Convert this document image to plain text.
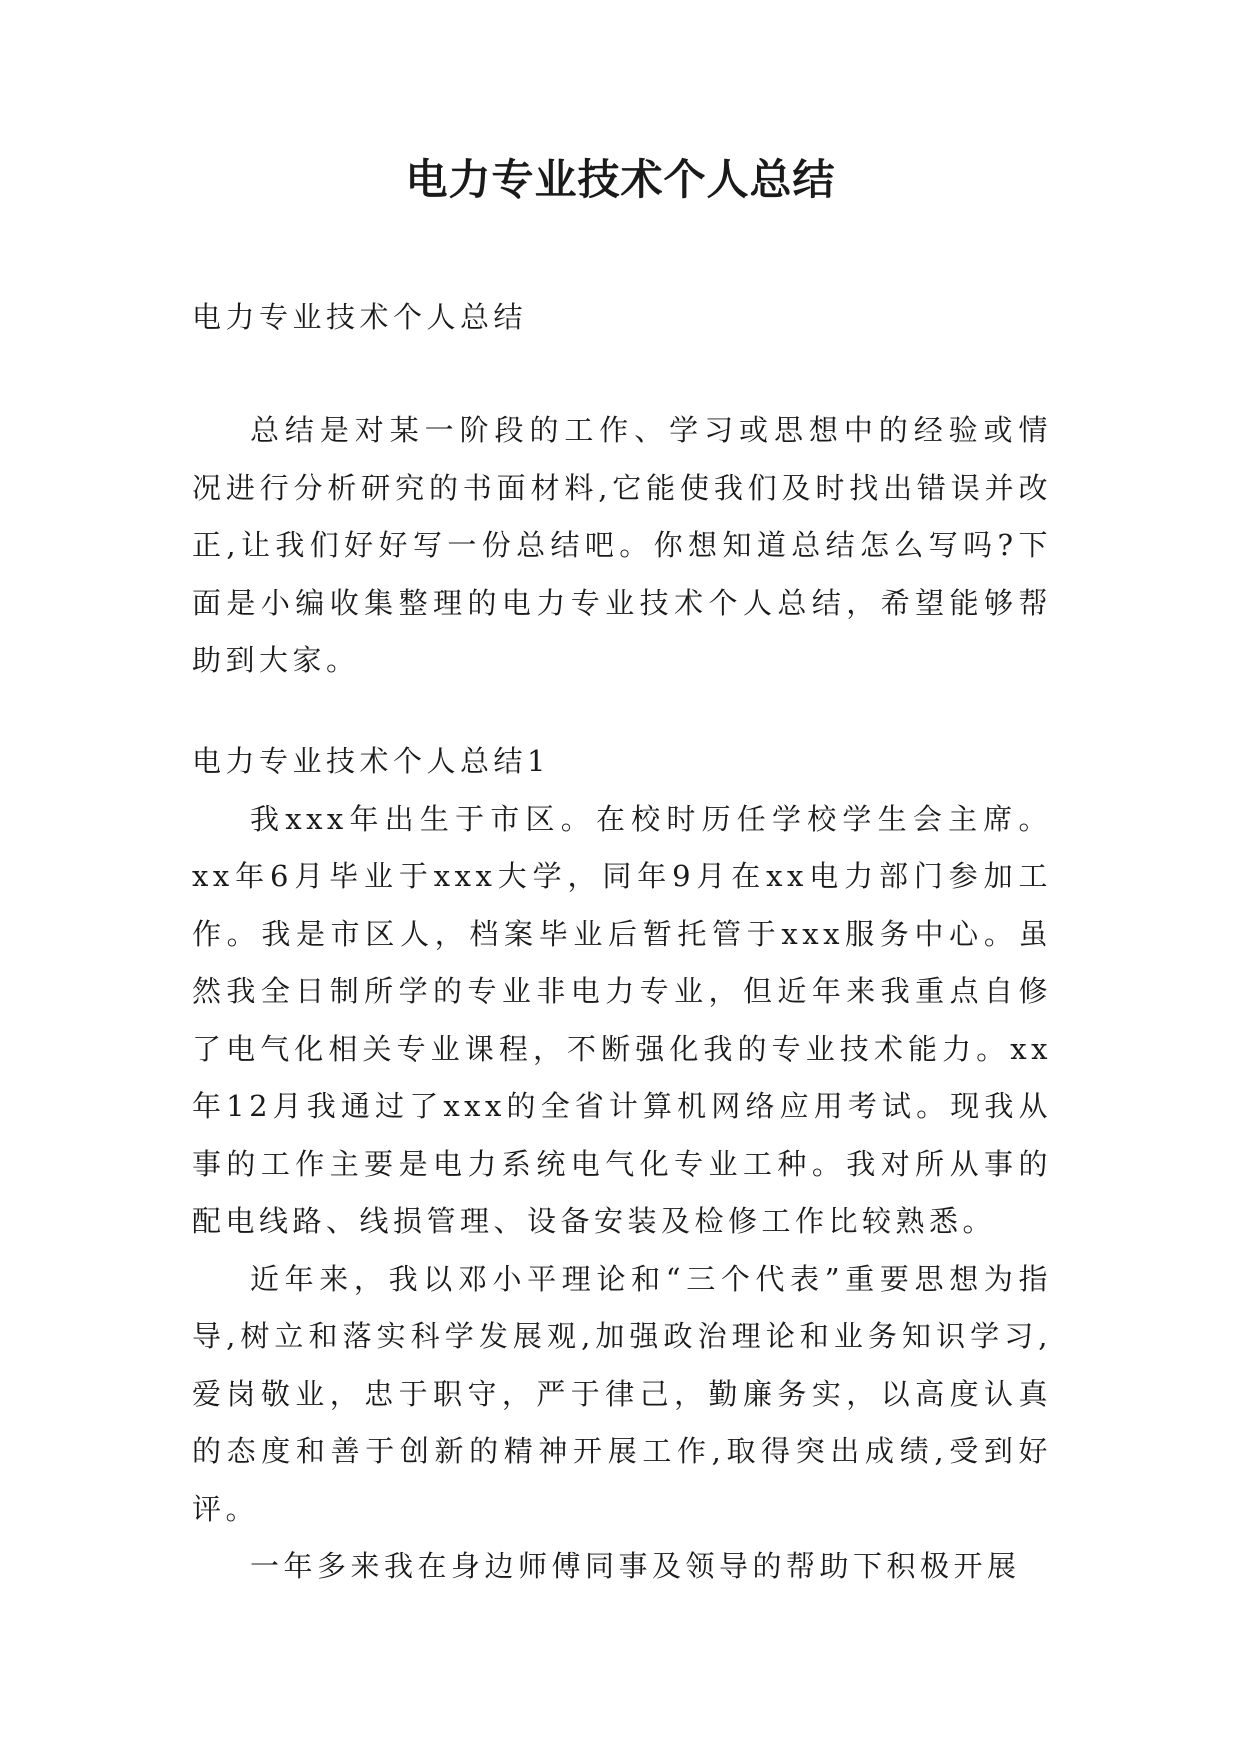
电力专业技术个人总结

电力专业技术个人总结

总结是对某一阶段的工作、学习或思想中的经验或情况进行分析研究的书面材料,它能使我们及时找出错误并改正,让我们好好写一份总结吧。你想知道总结怎么写吗?下面是小编收集整理的电力专业技术个人总结，希望能够帮助到大家。

电力专业技术个人总结1

我xxx年出生于市区。在校时历任学校学生会主席。xx年6月毕业于xxx大学，同年9月在xx电力部门参加工作。我是市区人，档案毕业后暂托管于xxx服务中心。虽然我全日制所学的专业非电力专业，但近年来我重点自修了电气化相关专业课程，不断强化我的专业技术能力。xx年12月我通过了xxx的全省计算机网络应用考试。现我从事的工作主要是电力系统电气化专业工种。我对所从事的配电线路、线损管理、设备安装及检修工作比较熟悉。

近年来，我以邓小平理论和“三个代表”重要思想为指导,树立和落实科学发展观,加强政治理论和业务知识学习,爱岗敬业，忠于职守，严于律己，勤廉务实，以高度认真的态度和善于创新的精神开展工作,取得突出成绩,受到好评。

一年多来我在身边师傅同事及领导的帮助下积极开展
